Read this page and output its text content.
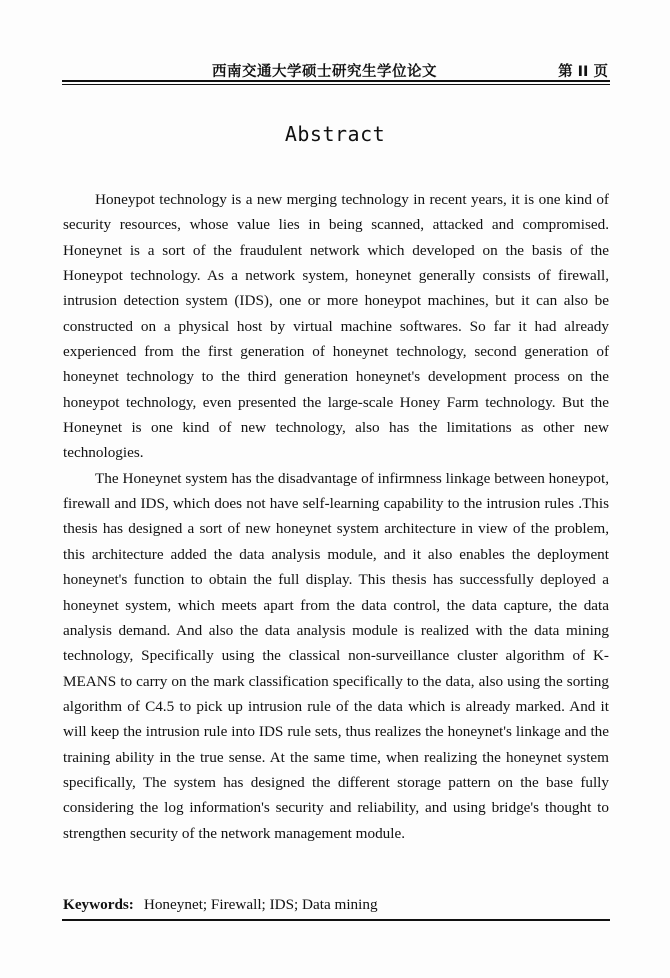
西南交通大学硕士研究生学位论文	第 II 页
Abstract

Honeypot technology is a new merging technology in recent years, it is one kind of security resources, whose value lies in being scanned, attacked and compromised. Honeynet is a sort of the fraudulent network which developed on the basis of the Honeypot technology. As a network system, honeynet generally consists of firewall, intrusion detection system (IDS), one or more honeypot machines, but it can also be constructed on a physical host by virtual machine softwares. So far it had already experienced from the first generation of honeynet technology, second generation of honeynet technology to the third generation honeynet's development process on the honeypot technology, even presented the large-scale Honey Farm technology. But the Honeynet is one kind of new technology, also has the limitations as other new technologies.

The Honeynet system has the disadvantage of infirmness linkage between honeypot, firewall and IDS, which does not have self-learning capability to the intrusion rules .This thesis has designed a sort of new honeynet system architecture in view of the problem, this architecture added the data analysis module, and it also enables the deployment honeynet's function to obtain the full display. This thesis has successfully deployed a honeynet system, which meets apart from the data control, the data capture, the data analysis demand. And also the data analysis module is realized with the data mining technology, Specifically using the classical non-surveillance cluster algorithm of K-MEANS to carry on the mark classification specifically to the data, also using the sorting algorithm of C4.5 to pick up intrusion rule of the data which is already marked. And it will keep the intrusion rule into IDS rule sets, thus realizes the honeynet's linkage and the training ability in the true sense. At the same time, when realizing the honeynet system specifically, The system has designed the different storage pattern on the base fully considering the log information's security and reliability, and using bridge's thought to strengthen security of the network management module.

Keywords: Honeynet; Firewall; IDS; Data mining
